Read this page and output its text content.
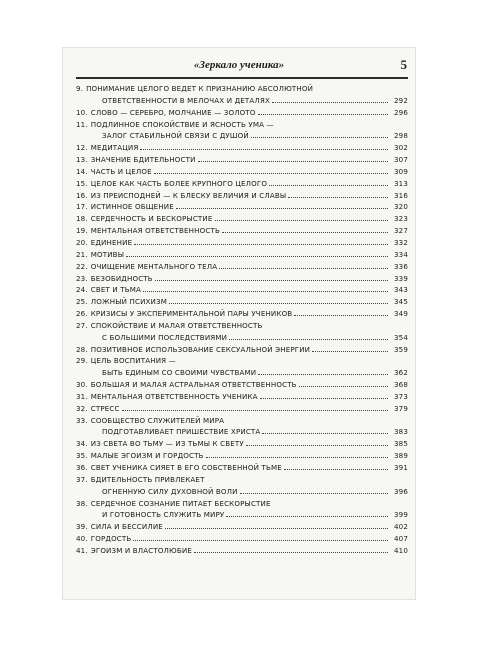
«Зеркало ученика»	5
9. ПОНИМАНИЕ ЦЕЛОГО ВЕДЕТ К ПРИЗНАНИЮ АБСОЛЮТНОЙ
ОТВЕТСТВЕННОСТИ В МЕЛОЧАХ И ДЕТАЛЯХ	292
10. СЛОВО — СЕРЕБРО, МОЛЧАНИЕ — ЗОЛОТО	296
11. ПОДЛИННОЕ СПОКОЙСТВИЕ И ЯСНОСТЬ УМА —
ЗАЛОГ СТАБИЛЬНОЙ СВЯЗИ С ДУШОЙ	298
12. МЕДИТАЦИЯ	302
13. ЗНАЧЕНИЕ БДИТЕЛЬНОСТИ	307
14. ЧАСТЬ И ЦЕЛОЕ	309
15. ЦЕЛОЕ КАК ЧАСТЬ БОЛЕЕ КРУПНОГО ЦЕЛОГО	313
16. ИЗ ПРЕИСПОДНЕЙ — К БЛЕСКУ ВЕЛИЧИЯ И СЛАВЫ	316
17. ИСТИННОЕ ОБЩЕНИЕ	320
18. СЕРДЕЧНОСТЬ И БЕСКОРЫСТИЕ	323
19. МЕНТАЛЬНАЯ ОТВЕТСТВЕННОСТЬ	327
20. ЕДИНЕНИЕ	332
21. МОТИВЫ	334
22. ОЧИЩЕНИЕ МЕНТАЛЬНОГО ТЕЛА	336
23. БЕЗОБИДНОСТЬ	339
24. СВЕТ И ТЬМА	343
25. ЛОЖНЫЙ ПСИХИЗМ	345
26. КРИЗИСЫ У ЭКСПЕРИМЕНТАЛЬНОЙ ПАРЫ УЧЕНИКОВ	349
27. СПОКОЙСТВИЕ И МАЛАЯ ОТВЕТСТВЕННОСТЬ
С БОЛЬШИМИ ПОСЛЕДСТВИЯМИ	354
28. ПОЗИТИВНОЕ ИСПОЛЬЗОВАНИЕ СЕКСУАЛЬНОЙ ЭНЕРГИИ	359
29. ЦЕЛЬ ВОСПИТАНИЯ —
БЫТЬ ЕДИНЫМ СО СВОИМИ ЧУВСТВАМИ	362
30. БОЛЬШАЯ И МАЛАЯ АСТРАЛЬНАЯ ОТВЕТСТВЕННОСТЬ	368
31. МЕНТАЛЬНАЯ ОТВЕТСТВЕННОСТЬ УЧЕНИКА	373
32. СТРЕСС	379
33. СООБЩЕСТВО СЛУЖИТЕЛЕЙ МИРА
ПОДГОТАВЛИВАЕТ ПРИШЕСТВИЕ ХРИСТА	383
34. ИЗ СВЕТА ВО ТЬМУ — ИЗ ТЬМЫ К СВЕТУ	385
35. МАЛЫЕ ЭГОИЗМ И ГОРДОСТЬ	389
36. СВЕТ УЧЕНИКА СИЯЕТ В ЕГО СОБСТВЕННОЙ ТЬМЕ	391
37. БДИТЕЛЬНОСТЬ ПРИВЛЕКАЕТ
ОГНЕННУЮ СИЛУ ДУХОВНОЙ ВОЛИ	396
38. СЕРДЕЧНОЕ СОЗНАНИЕ ПИТАЕТ БЕСКОРЫСТИЕ
И ГОТОВНОСТЬ СЛУЖИТЬ МИРУ	399
39. СИЛА И БЕССИЛИЕ	402
40. ГОРДОСТЬ	407
41. ЭГОИЗМ И ВЛАСТОЛЮБИЕ	410
